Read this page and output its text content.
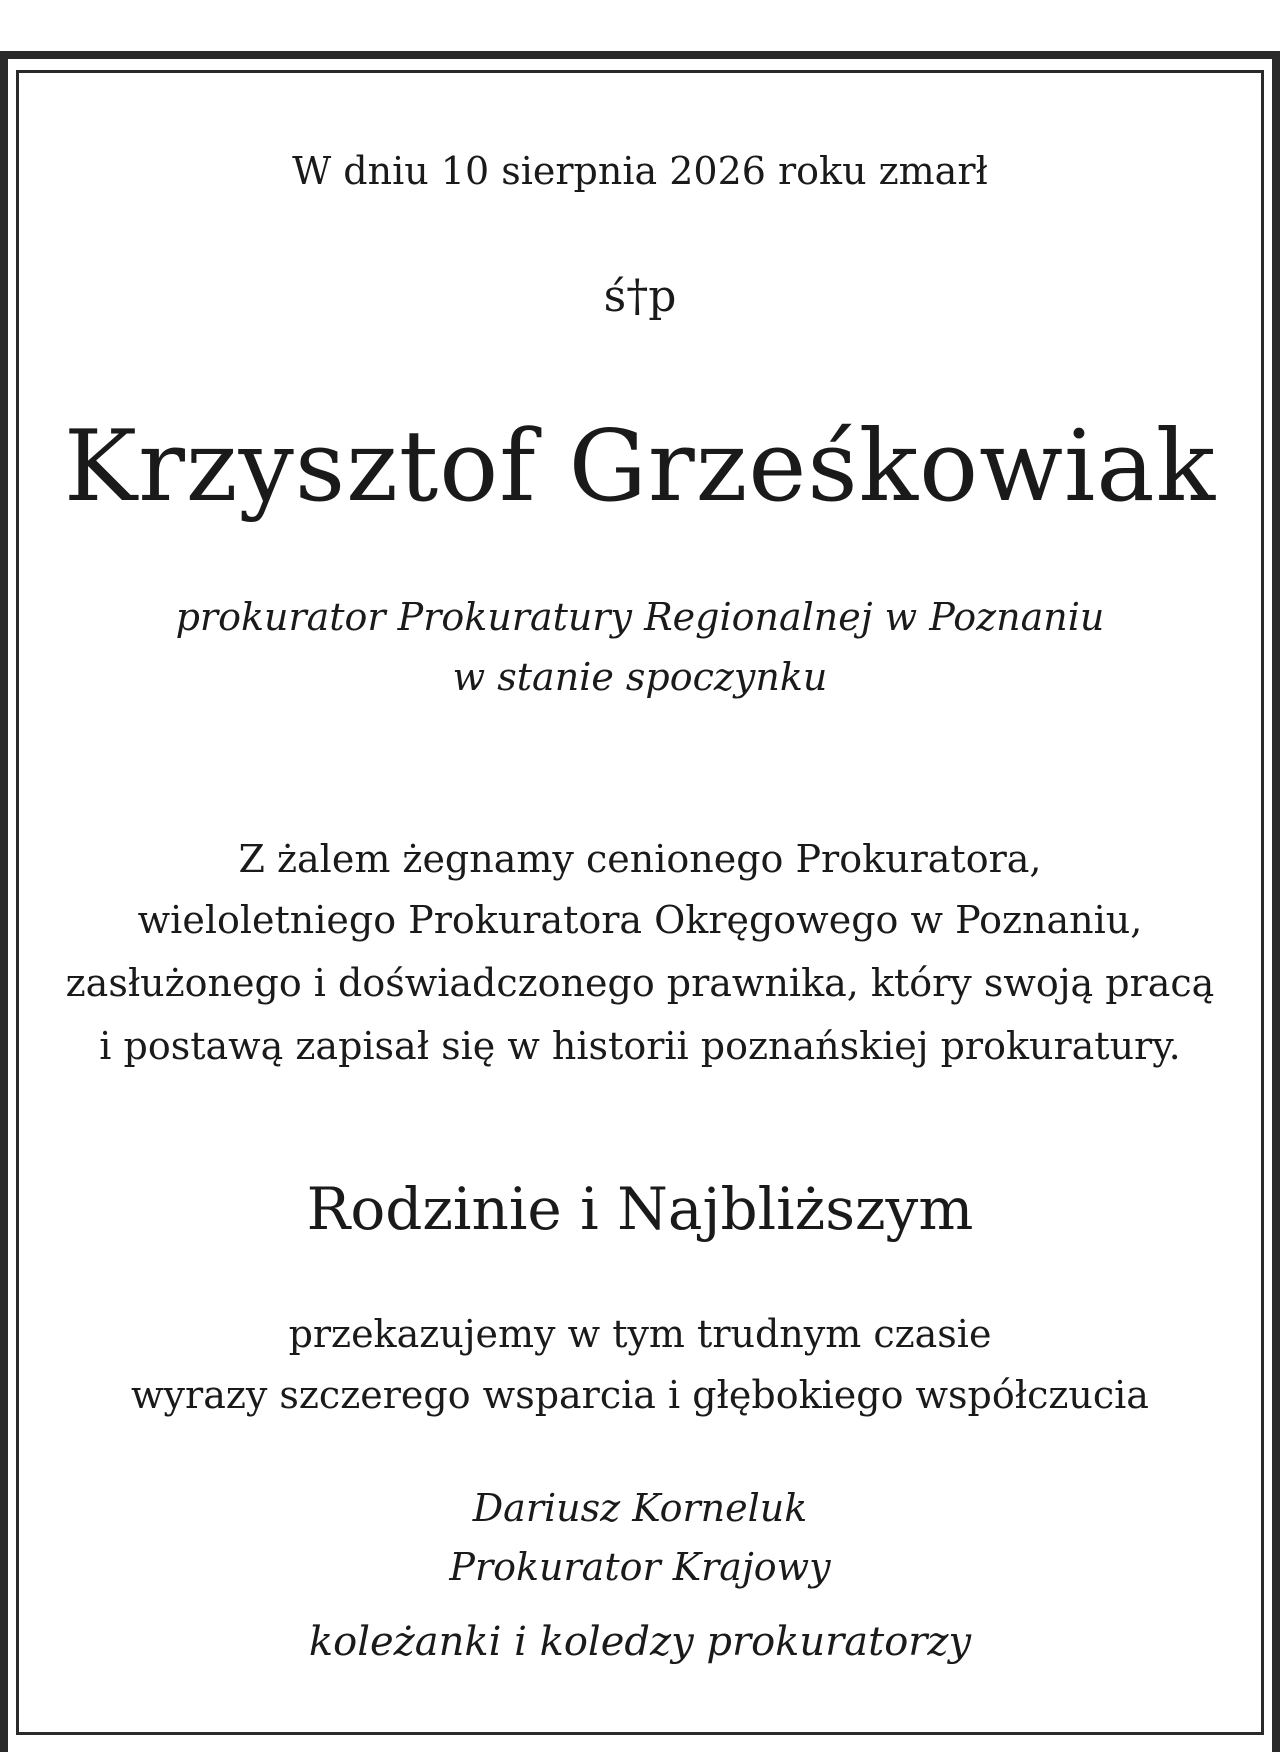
W dniu 10 sierpnia 2026 roku zmarł
ś†p
Krzysztof Grześkowiak
prokurator Prokuratury Regionalnej w Poznaniu
w stanie spoczynku
Z żalem żegnamy cenionego Prokuratora,
wieloletniego Prokuratora Okręgowego w Poznaniu,
zasłużonego i doświadczonego prawnika, który swoją pracą
i postawą zapisał się w historii poznańskiej prokuratury.
Rodzinie i Najbliższym
przekazujemy w tym trudnym czasie
wyrazy szczerego wsparcia i głębokiego współczucia
Dariusz Korneluk
Prokurator Krajowy
koleżanki i koledzy prokuratorzy
